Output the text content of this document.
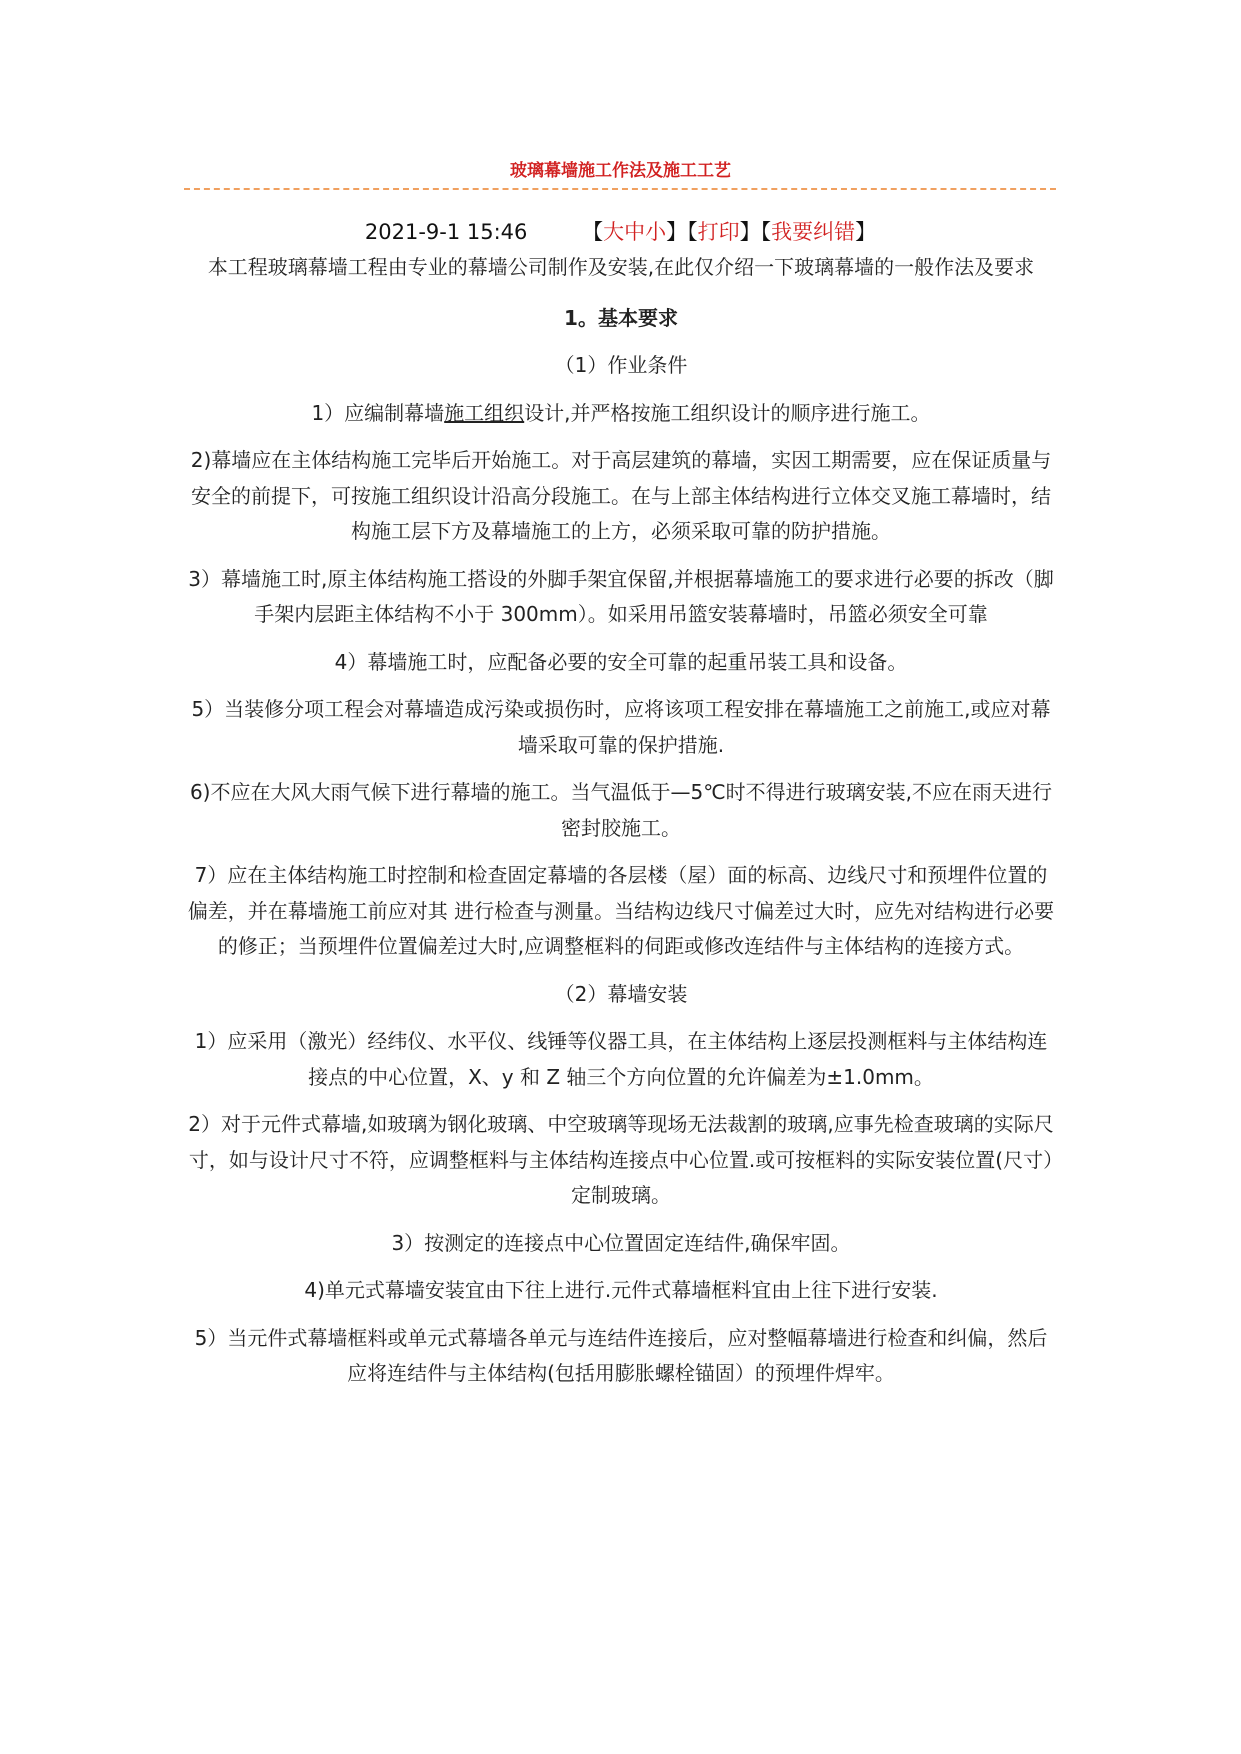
玻璃幕墙施工作法及施工工艺
2021-9-1 15:46	【大中小】【打印】【我要纠错】

本工程玻璃幕墙工程由专业的幕墙公司制作及安装,在此仅介绍一下玻璃幕墙的一般作法及要求

1。基本要求

（1）作业条件

1）应编制幕墙施工组织设计,并严格按施工组织设计的顺序进行施工。

2)幕墙应在主体结构施工完毕后开始施工。对于高层建筑的幕墙，实因工期需要，应在保证质量与安全的前提下，可按施工组织设计沿高分段施工。在与上部主体结构进行立体交叉施工幕墙时，结构施工层下方及幕墙施工的上方，必须采取可靠的防护措施。

3）幕墙施工时,原主体结构施工搭设的外脚手架宜保留,并根据幕墙施工的要求进行必要的拆改（脚手架内层距主体结构不小于 300mm）。如采用吊篮安装幕墙时，吊篮必须安全可靠

4）幕墙施工时，应配备必要的安全可靠的起重吊装工具和设备。

5）当装修分项工程会对幕墙造成污染或损伤时，应将该项工程安排在幕墙施工之前施工,或应对幕墙采取可靠的保护措施.

6)不应在大风大雨气候下进行幕墙的施工。当气温低于—5℃时不得进行玻璃安装,不应在雨天进行密封胶施工。

7）应在主体结构施工时控制和检查固定幕墙的各层楼（屋）面的标高、边线尺寸和预埋件位置的偏差，并在幕墙施工前应对其 进行检查与测量。当结构边线尺寸偏差过大时，应先对结构进行必要的修正；当预埋件位置偏差过大时,应调整框料的伺距或修改连结件与主体结构的连接方式。

（2）幕墙安装

1）应采用（激光）经纬仪、水平仪、线锤等仪器工具，在主体结构上逐层投测框料与主体结构连接点的中心位置，X、y 和 Z 轴三个方向位置的允许偏差为±1.0mm。

2）对于元件式幕墙,如玻璃为钢化玻璃、中空玻璃等现场无法裁割的玻璃,应事先检查玻璃的实际尺寸，如与设计尺寸不符，应调整框料与主体结构连接点中心位置.或可按框料的实际安装位置(尺寸）定制玻璃。

3）按测定的连接点中心位置固定连结件,确保牢固。

4)单元式幕墙安装宜由下往上进行.元件式幕墙框料宜由上往下进行安装.

5）当元件式幕墙框料或单元式幕墙各单元与连结件连接后，应对整幅幕墙进行检查和纠偏，然后应将连结件与主体结构(包括用膨胀螺栓锚固）的预埋件焊牢。
